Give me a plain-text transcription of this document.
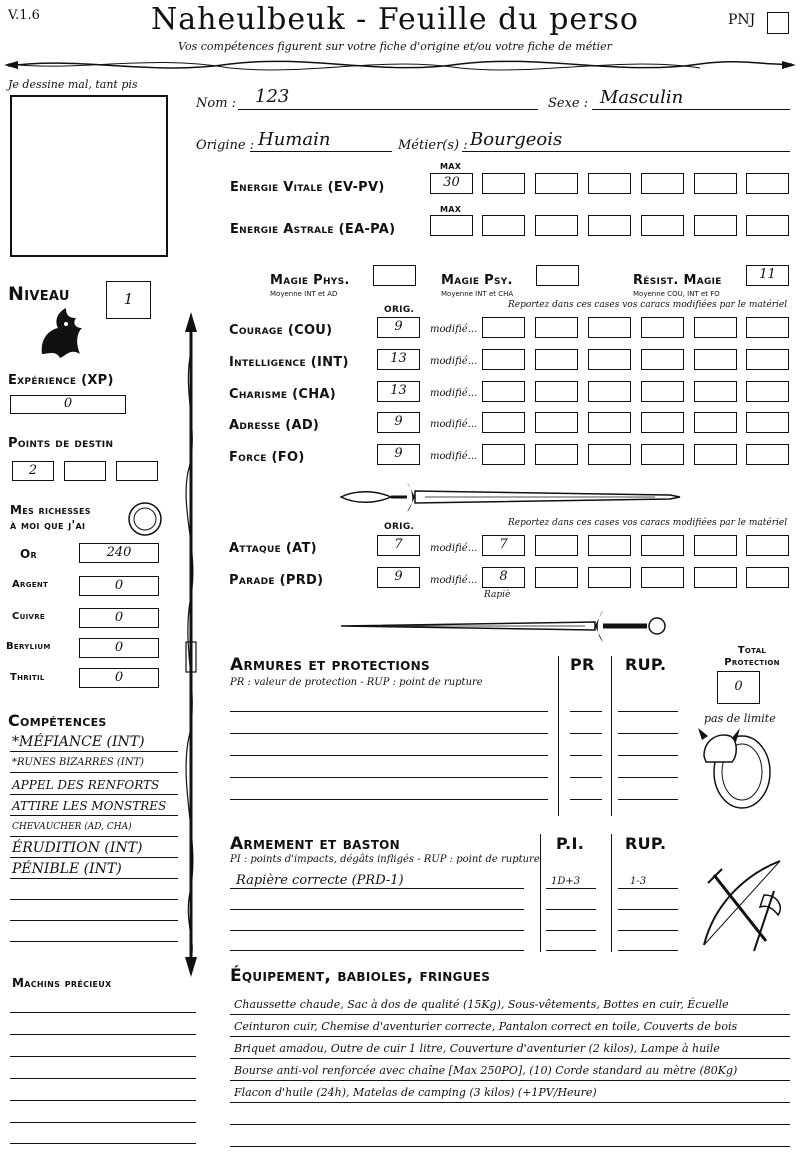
V.1.6	Naheulbeuk - Feuille du perso
Vos compétences figurent sur votre fiche d'origine et/ou votre fiche de métier
PNJ
Je dessine mal, tant pis
Nom : 123	Sexe : Masculin
Origine : Humain	Métier(s) : Bourgeois
MAX
Energie Vitale (EV-PV)	30
MAX
Energie Astrale (EA-PA)
Magie Phys.
Moyenne INT et AD
Magie Psy.
Moyenne INT et CHA
Résist. Magie
Moyenne COU, INT et FO
11
Niveau	1
Expérience (XP)
0
Points de destin
2
Mes richesses
à moi que j'ai
Or	240
Argent	0
Cuivre	0
Berylium	0
Thritil	0
Compétences
*MÉFIANCE (INT)
*RUNES BIZARRES (INT)
APPEL DES RENFORTS
ATTIRE LES MONSTRES
CHEVAUCHER (AD, CHA)
ÉRUDITION (INT)
PÉNIBLE (INT)
Machins précieux
ORIG.	Reportez dans ces cases vos caracs modifiées par le matériel
Courage (COU)	9	modifié...
Intelligence (INT)	13	modifié...
Charisme (CHA)	13	modifié...
Adresse (AD)	9	modifié...
Force (FO)	9	modifié...
ORIG.	Reportez dans ces cases vos caracs modifiées par le matériel
Attaque (AT)	7	modifié...	7
Parade (PRD)	9	modifié...	8
Rapiè
Armures et protections
PR : valeur de protection - RUP : point de rupture
PR RUP.
Total
Protection
0
pas de limite
Armement et baston
PI : points d'impacts, dégâts infligés - RUP : point de rupture
P.I.	RUP.
Rapière correcte (PRD-1)	1D+3	1-3
Équipement, babioles, fringues
Chaussette chaude, Sac à dos de qualité (15Kg), Sous-vêtements, Bottes en cuir, Écuelle
Ceinturon cuir, Chemise d'aventurier correcte, Pantalon correct en toile, Couverts de bois
Briquet amadou, Outre de cuir 1 litre, Couverture d'aventurier (2 kilos), Lampe à huile
Bourse anti-vol renforcée avec chaîne [Max 250PO], (10) Corde standard au mètre (80Kg)
Flacon d'huile (24h), Matelas de camping (3 kilos) (+1PV/Heure)
